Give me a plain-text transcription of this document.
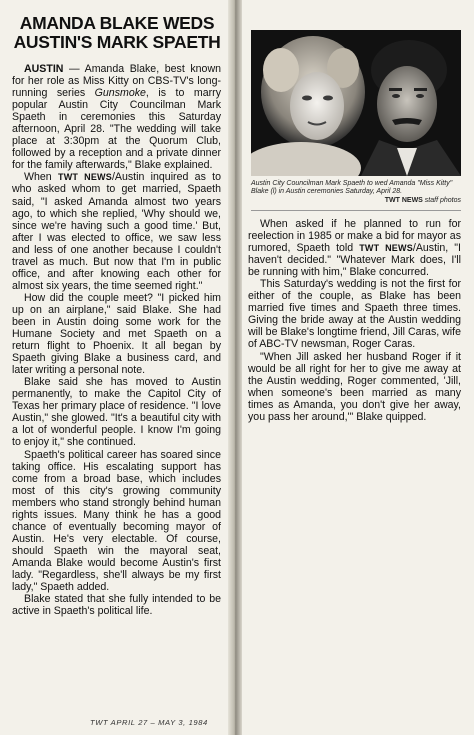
AMANDA BLAKE WEDS
AUSTIN'S MARK SPAETH

AUSTIN — Amanda Blake, best known for her role as Miss Kitty on CBS-TV's long-running series Gunsmoke, is to marry popular Austin City Councilman Mark Spaeth in ceremonies this Saturday afternoon, April 28. "The wedding will take place at 3:30pm at the Quorum Club, followed by a reception and a private dinner for the family afterwards," Blake explained.

When TWT NEWS/Austin inquired as to who asked whom to get married, Spaeth said, "I asked Amanda almost two years ago, to which she replied, 'Why should we, since we're having such a good time.' But, after I was elected to office, we saw less and less of one another because I couldn't travel as much. But now that I'm in public office, and after knowing each other for almost six years, the time seemed right."

How did the couple meet? "I picked him up on an airplane," said Blake. She had been in Austin doing some work for the Humane Society and met Spaeth on a return flight to Phoenix. It all began by Spaeth giving Blake a business card, and later writing a personal note.

Blake said she has moved to Austin permanently, to make the Capitol City of Texas her primary place of residence. "I love Austin," she glowed. "It's a beautiful city with a lot of wonderful people. I know I'm going to enjoy it," she continued.

Spaeth's political career has soared since taking office. His escalating support has come from a broad base, which includes most of this city's growing community members who stand strongly behind human rights issues. Many think he has a good chance of eventually becoming mayor of Austin. He's very electable. Of course, should Spaeth win the mayoral seat, Amanda Blake would become Austin's first lady. "Regardless, she'll always be my first lady," Spaeth added.

Blake stated that she fully intended to be active in Spaeth's political life.

Austin City Councilman Mark Spaeth to wed Amanda "Miss Kitty" Blake (l) in Austin ceremonies Saturday, April 28.
TWT NEWS staff photos

When asked if he planned to run for reelection in 1985 or make a bid for mayor as rumored, Spaeth told TWT NEWS/Austin, "I haven't decided." "Whatever Mark does, I'll be running with him," Blake concurred.

This Saturday's wedding is not the first for either of the couple, as Blake has been married five times and Spaeth three times. Giving the bride away at the Austin wedding will be Blake's longtime friend, Jill Caras, wife of ABC-TV newsman, Roger Caras.

"When Jill asked her husband Roger if it would be all right for her to give me away at the Austin wedding, Roger commented, 'Jill, when someone's been married as many times as Amanda, you don't give her away, you pass her around,'" Blake quipped.

TWT APRIL 27 – MAY 3, 1984
